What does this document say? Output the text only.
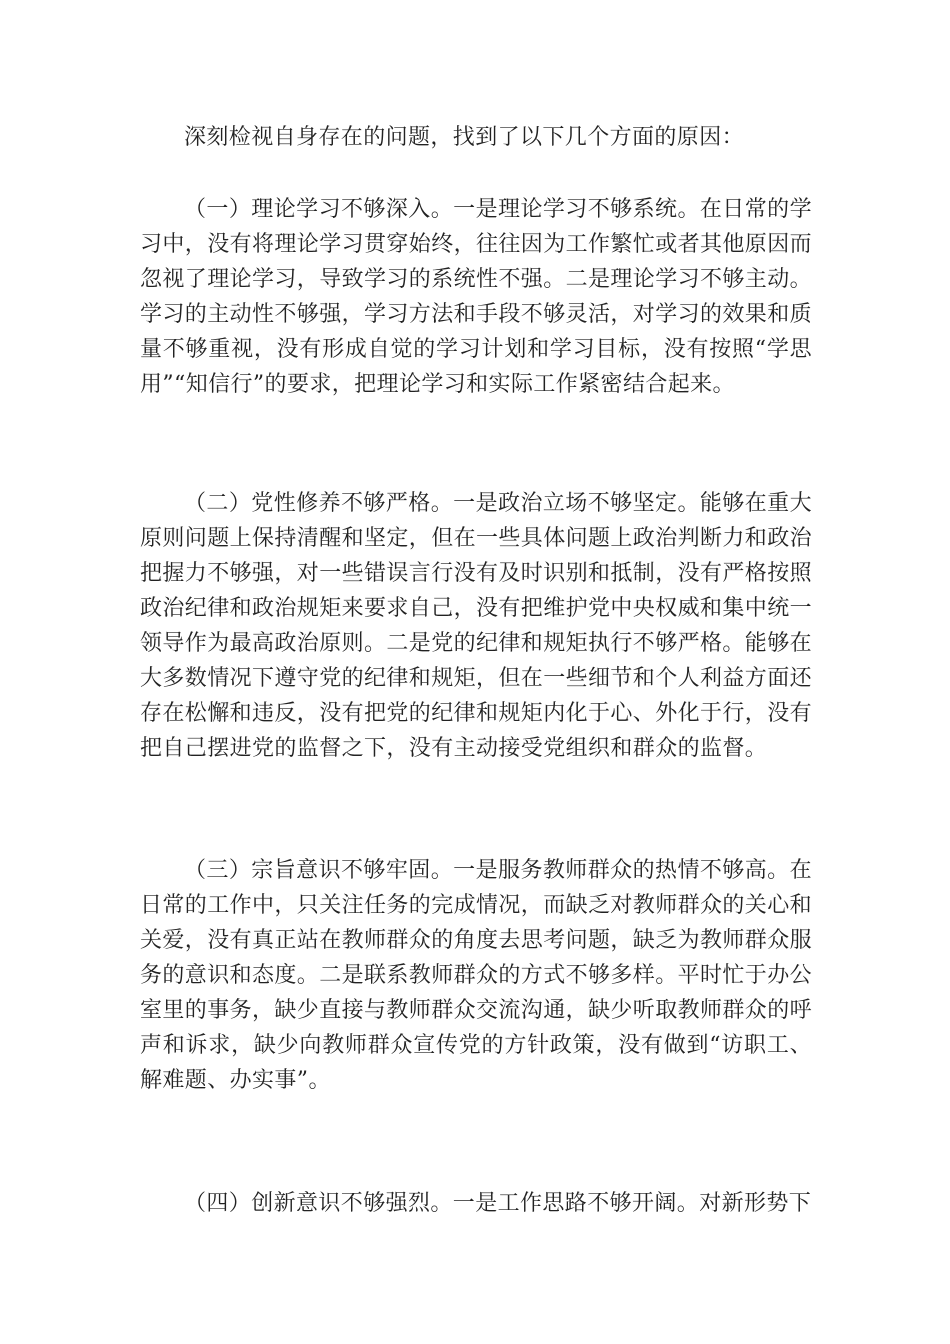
深刻检视自身存在的问题，找到了以下几个方面的原因：

（一）理论学习不够深入。一是理论学习不够系统。在日常的学习中，没有将理论学习贯穿始终，往往因为工作繁忙或者其他原因而忽视了理论学习，导致学习的系统性不强。二是理论学习不够主动。学习的主动性不够强，学习方法和手段不够灵活，对学习的效果和质量不够重视，没有形成自觉的学习计划和学习目标，没有按照“学思用”“知信行”的要求，把理论学习和实际工作紧密结合起来。

（二）党性修养不够严格。一是政治立场不够坚定。能够在重大原则问题上保持清醒和坚定，但在一些具体问题上政治判断力和政治把握力不够强，对一些错误言行没有及时识别和抵制，没有严格按照政治纪律和政治规矩来要求自己，没有把维护党中央权威和集中统一领导作为最高政治原则。二是党的纪律和规矩执行不够严格。能够在大多数情况下遵守党的纪律和规矩，但在一些细节和个人利益方面还存在松懈和违反，没有把党的纪律和规矩内化于心、外化于行，没有把自己摆进党的监督之下，没有主动接受党组织和群众的监督。

（三）宗旨意识不够牢固。一是服务教师群众的热情不够高。在日常的工作中，只关注任务的完成情况，而缺乏对教师群众的关心和关爱，没有真正站在教师群众的角度去思考问题，缺乏为教师群众服务的意识和态度。二是联系教师群众的方式不够多样。平时忙于办公室里的事务，缺少直接与教师群众交流沟通，缺少听取教师群众的呼声和诉求，缺少向教师群众宣传党的方针政策，没有做到“访职工、解难题、办实事”。

（四）创新意识不够强烈。一是工作思路不够开阔。对新形势下
